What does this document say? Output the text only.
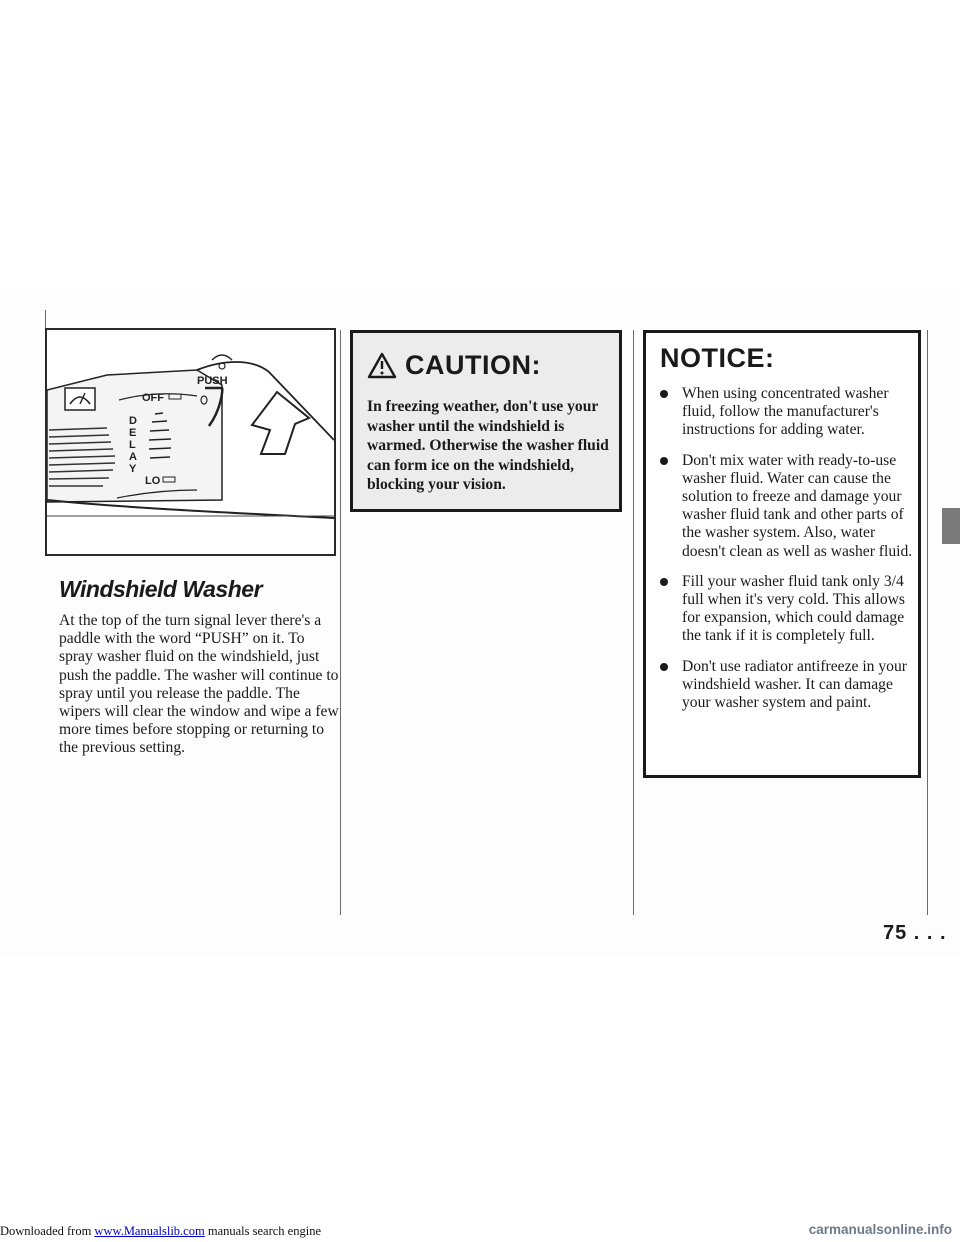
OFF
PUSH
D
E
L
A
Y
LO
Windshield Washer

At the top of the turn signal lever there's a paddle with the word “PUSH” on it. To spray washer fluid on the windshield, just push the paddle. The washer will continue to spray until you release the paddle. The wipers will clear the window and wipe a few more times before stopping or returning to the previous setting.

CAUTION:

In freezing weather, don't use your washer until the windshield is warmed. Otherwise the washer fluid can form ice on the windshield, blocking your vision.

NOTICE:
When using concentrated washer fluid, follow the manufacturer's instructions for adding water.
Don't mix water with ready-to-use washer fluid. Water can cause the solution to freeze and damage your washer fluid tank and other parts of the washer system. Also, water doesn't clean as well as washer fluid.
Fill your washer fluid tank only 3/4 full when it's very cold. This allows for expansion, which could damage the tank if it is completely full.
Don't use radiator antifreeze in your windshield washer. It can damage your washer system and paint.
75 . . .
Downloaded from www.Manualslib.com manuals search engine	carmanualsonline.info
